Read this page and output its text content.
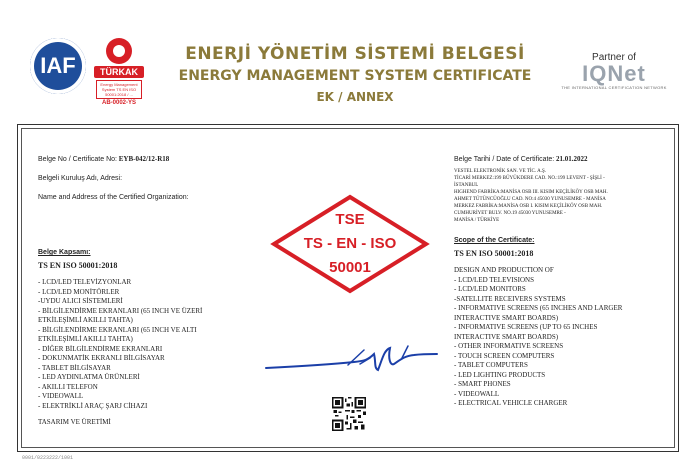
IAF	TÜRKAK
Energy Management System TS EN ISO 50001:2018 / ...
AB-0002-YS
ENERJİ YÖNETİM SİSTEMİ BELGESİ
ENERGY MANAGEMENT SYSTEM CERTIFICATE
EK / ANNEX
Partner of
IQNet
THE INTERNATIONAL CERTIFICATION NETWORK
Belge No / Certificate No: EYB-042/12-R18
Belgeli Kuruluş Adı, Adresi:
Name and Address of the Certified Organization:
Belge Kapsamı:
TS EN ISO 50001:2018
- LCD/LED TELEVİZYONLAR
- LCD/LED MONİTÖRLER
-UYDU ALICI SİSTEMLERİ
- BİLGİLENDİRME EKRANLARI (65 INCH VE ÜZERİ
ETKİLEŞİMLİ AKILLI TAHTA)
- BİLGİLENDİRME EKRANLARI (65 INCH VE ALTI
ETKİLEŞİMLİ AKILLI TAHTA)
- DİĞER BİLGİLENDİRME EKRANLARI
- DOKUNMATİK EKRANLI BİLGİSAYAR
- TABLET BİLGİSAYAR
- LED AYDINLATMA ÜRÜNLERİ
- AKILLI TELEFON
- VIDEOWALL
- ELEKTRİKLİ ARAÇ ŞARJ CİHAZI
TASARIM VE ÜRETİMİ
Belge Tarihi / Date of Certificate: 21.01.2022
VESTEL ELEKTRONİK SAN. VE TİC. A.Ş.
TİCARİ MERKEZ:199 BÜYÜKDERE CAD. NO.:199 LEVENT - ŞİŞLİ -
İSTANBUL
HIGHEND FABRİKA:MANİSA OSB III. KISIM KEÇİLİKÖY OSB MAH.
AHMET TÜTÜNCÜOĞLU CAD. NO:4 45030 YUNUSEMRE - MANİSA
MERKEZ FABRİKA:MANİSA OSB I. KISIM KEÇİLİKÖY OSB MAH.
CUMHURİYET BULV. NO.19 45030 YUNUSEMRE -
MANİSA / TÜRKİYE
Scope of the Certificate:
TS EN ISO 50001:2018
DESIGN AND PRODUCTION OF
- LCD/LED TELEVISIONS
- LCD/LED MONITORS
-SATELLITE RECEIVERS SYSTEMS
- INFORMATIVE SCREENS (65 INCHES AND LARGER
INTERACTIVE SMART BOARDS)
- INFORMATIVE SCREENS (UP TO 65 INCHES
INTERACTIVE SMART BOARDS)
- OTHER INFORMATIVE SCREENS
- TOUCH SCREEN COMPUTERS
- TABLET COMPUTERS
- LED LIGHTING PRODUCTS
- SMART PHONES
- VIDEOWALL
- ELECTRICAL VEHICLE CHARGER
TSE
TS - EN - ISO
50001
0001/0223222/1001
